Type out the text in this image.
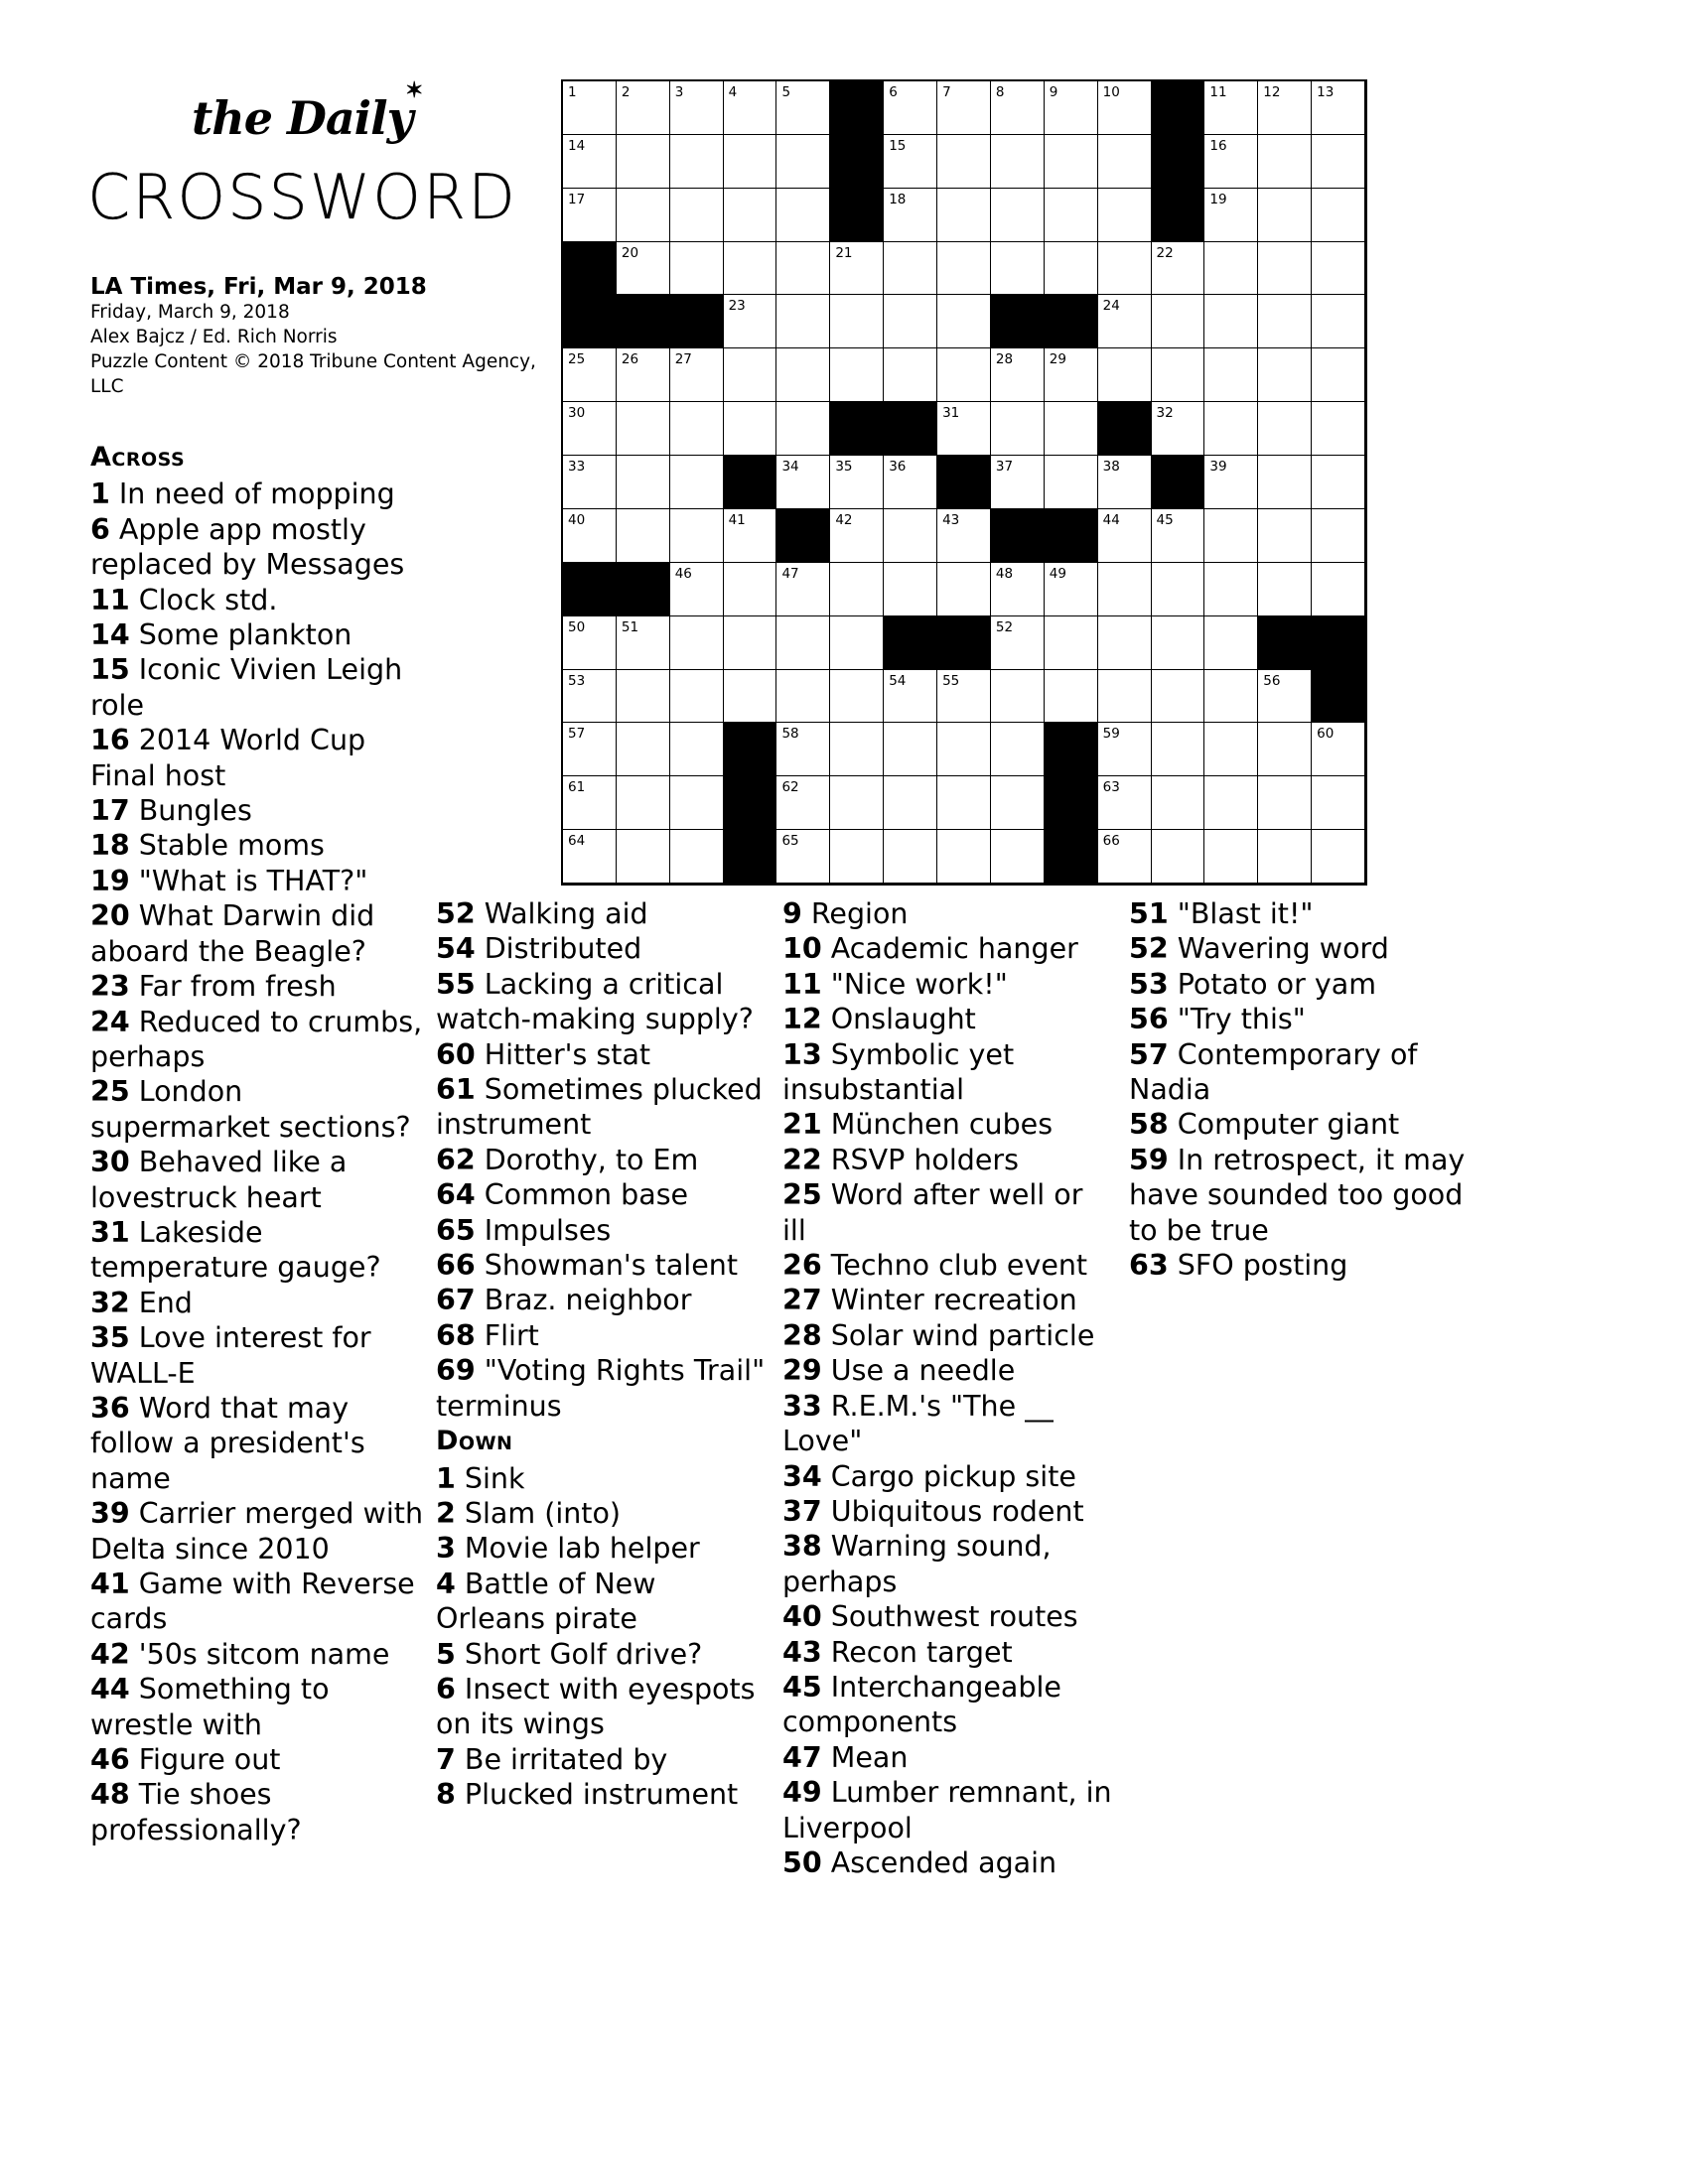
the Daily
✶
CROSSWORD
LA Times, Fri, Mar 9, 2018
Friday, March 9, 2018
Alex Bajcz / Ed. Rich Norris
Puzzle Content © 2018 Tribune Content Agency, LLC
1	2	3	4	5	6	7	8	9	10	11	12	13
14	15	16
17	18	19
20	21	22
23	24
25	26	27	28	29
30	31	32
33	34	35	36	37	38	39
40	41	42	43	44	45
46	47	48	49
50	51	52
53	54	55	56
57	58	59	60
61	62	63
64	65	66
Across
1 In need of mopping
6 Apple app mostly replaced by Messages
11 Clock std.
14 Some plankton
15 Iconic Vivien Leigh role
16 2014 World Cup Final host
17 Bungles
18 Stable moms
19 "What is THAT?"
20 What Darwin did aboard the Beagle?
23 Far from fresh
24 Reduced to crumbs, perhaps
25 London supermarket sections?
30 Behaved like a lovestruck heart
31 Lakeside temperature gauge?
32 End
35 Love interest for WALL-E
36 Word that may follow a president's name
39 Carrier merged with Delta since 2010
41 Game with Reverse cards
42 '50s sitcom name
44 Something to wrestle with
46 Figure out
48 Tie shoes professionally?
52 Walking aid
54 Distributed
55 Lacking a critical watch-making supply?
60 Hitter's stat
61 Sometimes plucked instrument
62 Dorothy, to Em
64 Common base
65 Impulses
66 Showman's talent
67 Braz. neighbor
68 Flirt
69 "Voting Rights Trail" terminus
Down
1 Sink
2 Slam (into)
3 Movie lab helper
4 Battle of New Orleans pirate
5 Short Golf drive?
6 Insect with eyespots on its wings
7 Be irritated by
8 Plucked instrument
9 Region
10 Academic hanger
11 "Nice work!"
12 Onslaught
13 Symbolic yet insubstantial
21 München cubes
22 RSVP holders
25 Word after well or ill
26 Techno club event
27 Winter recreation
28 Solar wind particle
29 Use a needle
33 R.E.M.'s "The __ Love"
34 Cargo pickup site
37 Ubiquitous rodent
38 Warning sound, perhaps
40 Southwest routes
43 Recon target
45 Interchangeable components
47 Mean
49 Lumber remnant, in Liverpool
50 Ascended again
51 "Blast it!"
52 Wavering word
53 Potato or yam
56 "Try this"
57 Contemporary of Nadia
58 Computer giant
59 In retrospect, it may have sounded too good to be true
63 SFO posting
